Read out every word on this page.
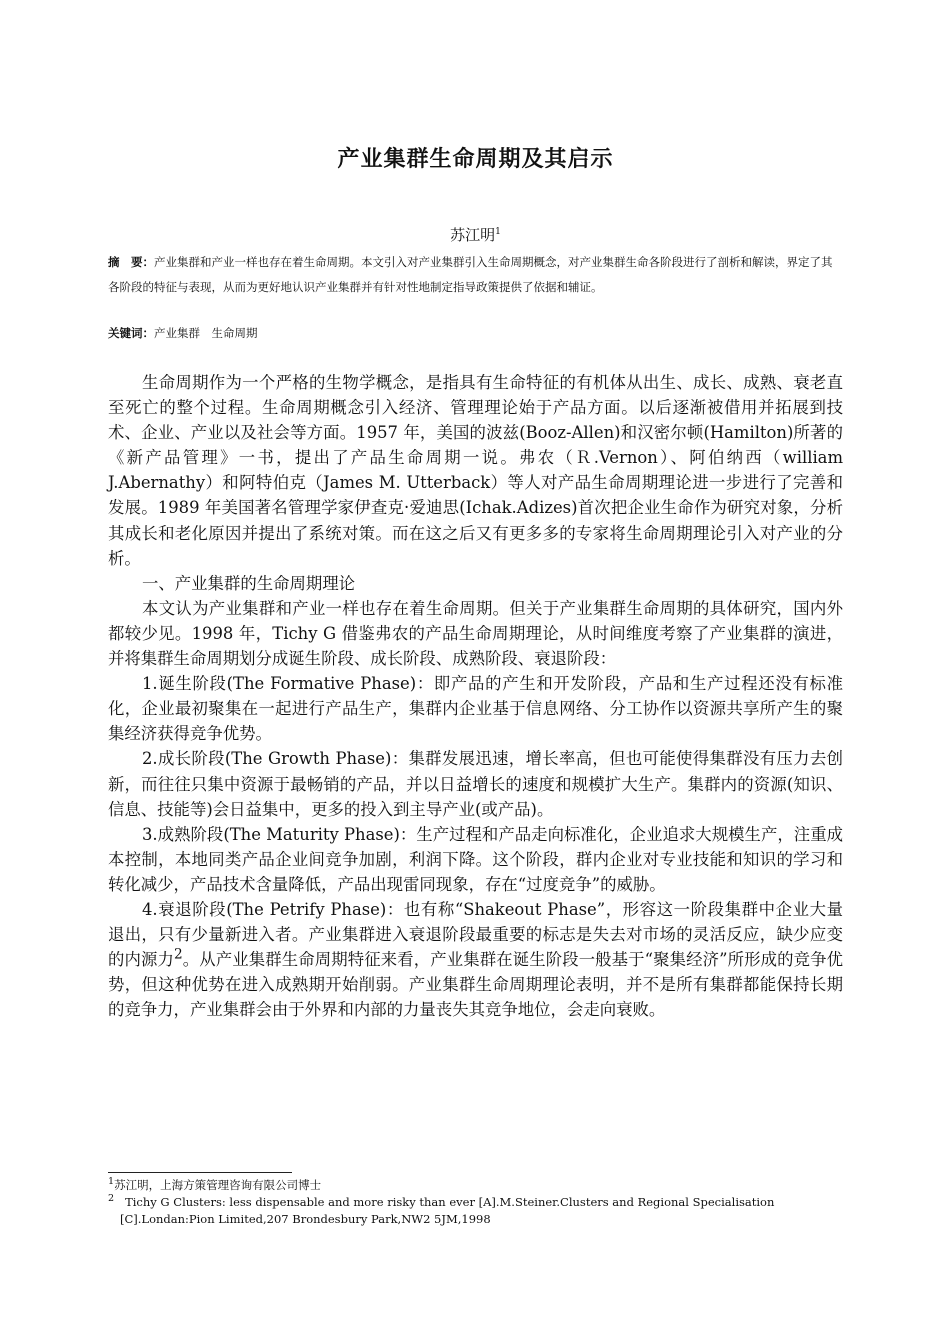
产业集群生命周期及其启示
苏江明$^1$
摘　要：产业集群和产业一样也存在着生命周期。本文引入对产业集群引入生命周期概念，对产业集群生命各阶段进行了剖析和解读，界定了其各阶段的特征与表现，从而为更好地认识产业集群并有针对性地制定指导政策提供了依据和辅证。
关键词：产业集群　生命周期

生命周期作为一个严格的生物学概念，是指具有生命特征的有机体从出生、成长、成熟、衰老直至死亡的整个过程。生命周期概念引入经济、管理理论始于产品方面。以后逐渐被借用并拓展到技术、企业、产业以及社会等方面。1957 年，美国的波兹(Booz-Allen)和汉密尔顿(Hamilton)所著的《新产品管理》一书，提出了产品生命周期一说。弗农（Ｒ.Vernon）、阿伯纳西（william J.Abernathy）和阿特伯克（James M. Utterback）等人对产品生命周期理论进一步进行了完善和发展。1989 年美国著名管理学家伊查克·爱迪思(Ichak.Adizes)首次把企业生命作为研究对象，分析其成长和老化原因并提出了系统对策。而在这之后又有更多多的专家将生命周期理论引入对产业的分析。

一、产业集群的生命周期理论

本文认为产业集群和产业一样也存在着生命周期。但关于产业集群生命周期的具体研究，国内外都较少见。1998 年，Tichy G 借鉴弗农的产品生命周期理论，从时间维度考察了产业集群的演进，并将集群生命周期划分成诞生阶段、成长阶段、成熟阶段、衰退阶段：

1.诞生阶段(The Formative Phase)：即产品的产生和开发阶段，产品和生产过程还没有标准化，企业最初聚集在一起进行产品生产，集群内企业基于信息网络、分工协作以资源共享所产生的聚集经济获得竞争优势。

2.成长阶段(The Growth Phase)：集群发展迅速，增长率高，但也可能使得集群没有压力去创新，而往往只集中资源于最畅销的产品，并以日益增长的速度和规模扩大生产。集群内的资源(知识、信息、技能等)会日益集中，更多的投入到主导产业(或产品)。

3.成熟阶段(The Maturity Phase)：生产过程和产品走向标准化，企业追求大规模生产，注重成本控制，本地同类产品企业间竞争加剧，利润下降。这个阶段，群内企业对专业技能和知识的学习和转化减少，产品技术含量降低，产品出现雷同现象，存在“过度竞争”的威胁。

4.衰退阶段(The Petrify Phase)：也有称“Shakeout Phase”，形容这一阶段集群中企业大量退出，只有少量新进入者。产业集群进入衰退阶段最重要的标志是失去对市场的灵活反应，缺少应变的内源力$^2$。从产业集群生命周期特征来看，产业集群在诞生阶段一般基于“聚集经济”所形成的竞争优势，但这种优势在进入成熟期开始削弱。产业集群生命周期理论表明，并不是所有集群都能保持长期的竞争力，产业集群会由于外界和内部的力量丧失其竞争地位，会走向衰败。

$^1$苏江明，上海方策管理咨询有限公司博士

$^2$ Tichy G Clusters: less dispensable and more risky than ever [A].M.Steiner.Clusters and Regional Specialisation [C].Londan:Pion Limited,207 Brondesbury Park,NW2 5JM,1998
